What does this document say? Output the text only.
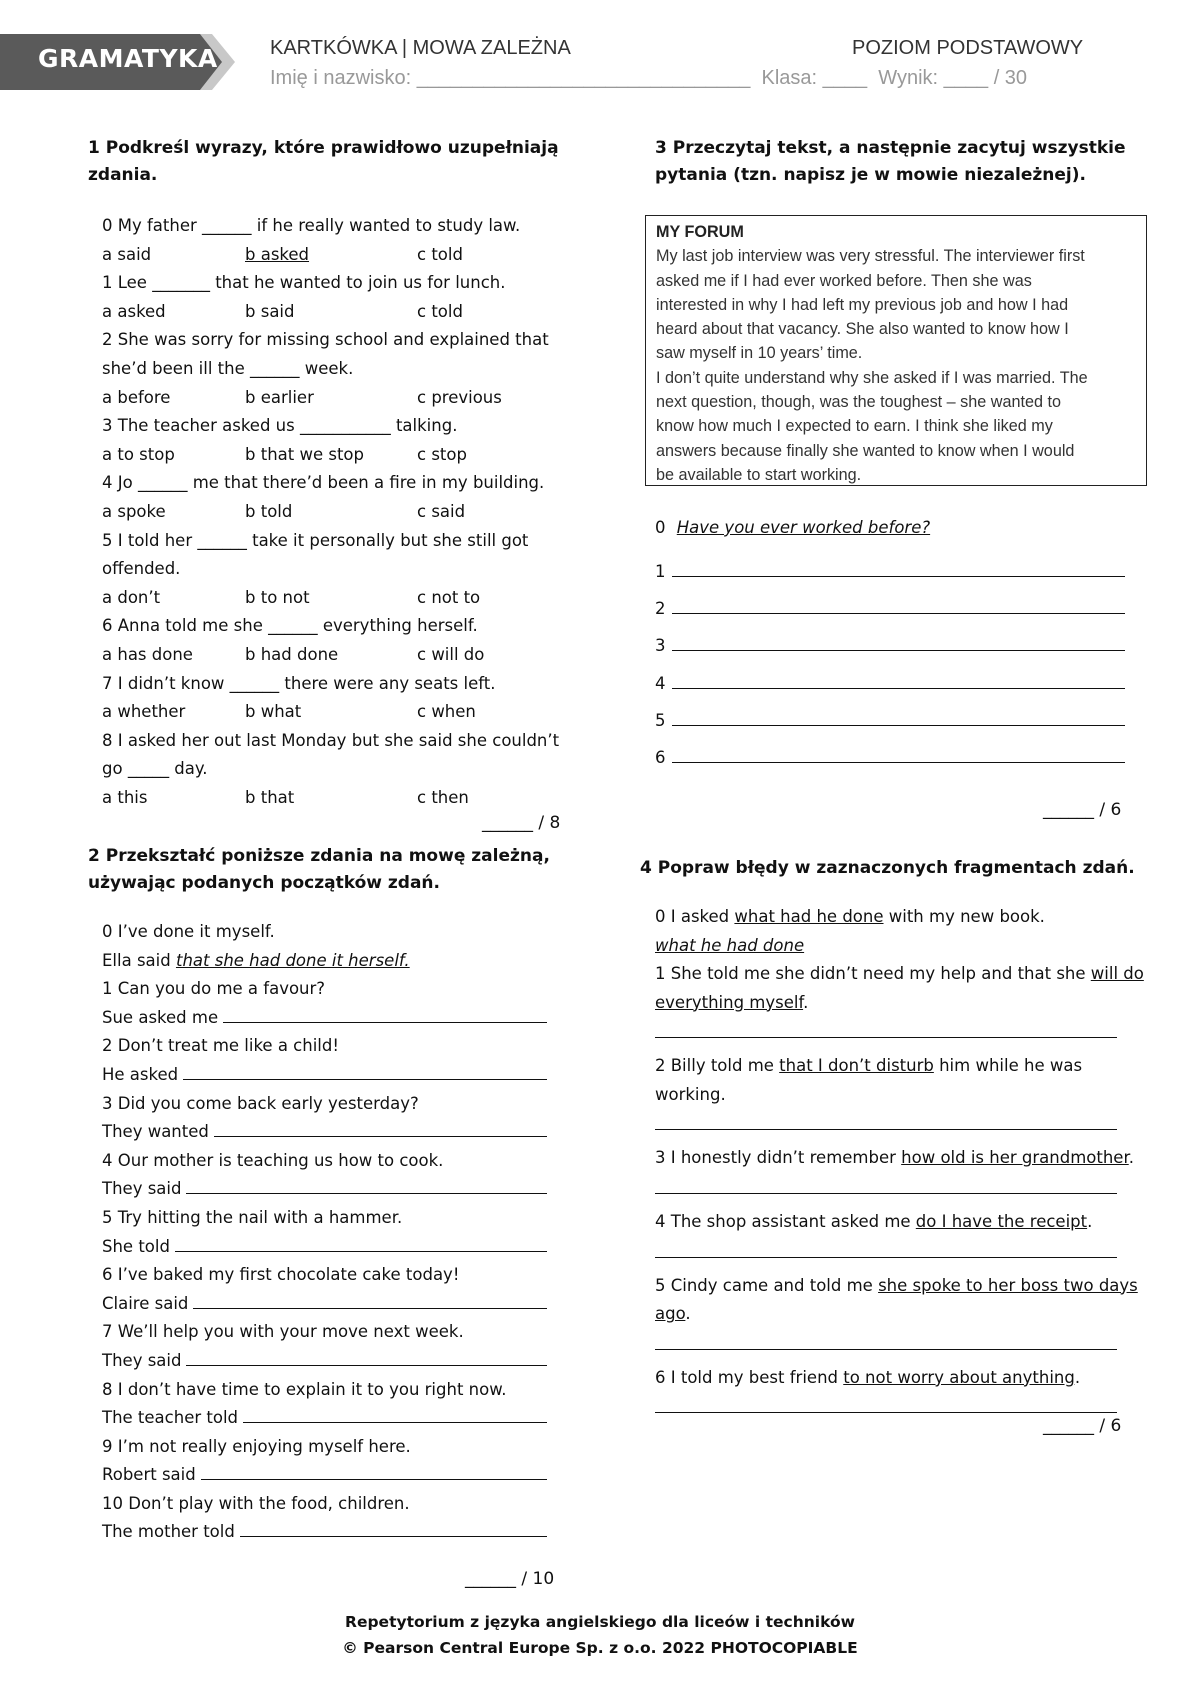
GRAMATYKA	KARTKÓWKA | MOWA ZALEŻNA	POZIOM PODSTAWOWY
Imię i nazwisko: ______________________________  Klasa: ____  Wynik: ____ / 30
1 Podkreśl wyrazy, które prawidłowo uzupełniają zdania.
0 My father ______ if he really wanted to study law.
a said	b asked	c told
1 Lee _______ that he wanted to join us for lunch.
a asked	b said	c told
2 She was sorry for missing school and explained that
she’d been ill the ______ week.
a before	b earlier	c previous
3 The teacher asked us ___________ talking.
a to stop	b that we stop	c stop
4 Jo ______ me that there’d been a fire in my building.
a spoke	b told	c said
5 I told her ______ take it personally but she still got
offended.
a don’t	b to not	c not to
6 Anna told me she ______ everything herself.
a has done	b had done	c will do
7 I didn’t know ______ there were any seats left.
a whether	b what	c when
8 I asked her out last Monday but she said she couldn’t
go _____ day.
a this	b that	c then
______ / 8
2 Przekształć poniższe zdania na mowę zależną, używając podanych początków zdań.
0 I’ve done it myself.
Ella said that she had done it herself.
1 Can you do me a favour?
Sue asked me
2 Don’t treat me like a child!
He asked
3 Did you come back early yesterday?
They wanted
4 Our mother is teaching us how to cook.
They said
5 Try hitting the nail with a hammer.
She told
6 I’ve baked my first chocolate cake today!
Claire said
7 We’ll help you with your move next week.
They said
8 I don’t have time to explain it to you right now.
The teacher told
9 I’m not really enjoying myself here.
Robert said
10 Don’t play with the food, children.
The mother told
______ / 10
3 Przeczytaj tekst, a następnie zacytuj wszystkie pytania (tzn. napisz je w mowie niezależnej).
MY FORUM
My last job interview was very stressful. The interviewer first
asked me if I had ever worked before. Then she was
interested in why I had left my previous job and how I had
heard about that vacancy. She also wanted to know how I
saw myself in 10 years’ time.
I don’t quite understand why she asked if I was married. The
next question, though, was the toughest – she wanted to
know how much I expected to earn. I think she liked my
answers because finally she wanted to know when I would
be available to start working.
0 Have you ever worked before?
1
2
3
4
5
6
______ / 6
4 Popraw błędy w zaznaczonych fragmentach zdań.
0 I asked what had he done with my new book.
what he had done
1 She told me she didn’t need my help and that she will do
everything myself.
2 Billy told me that I don’t disturb him while he was
working.
3 I honestly didn’t remember how old is her grandmother.
4 The shop assistant asked me do I have the receipt.
5 Cindy came and told me she spoke to her boss two days
ago.
6 I told my best friend to not worry about anything.
______ / 6
Repetytorium z języka angielskiego dla liceów i techników
© Pearson Central Europe Sp. z o.o. 2022 PHOTOCOPIABLE
